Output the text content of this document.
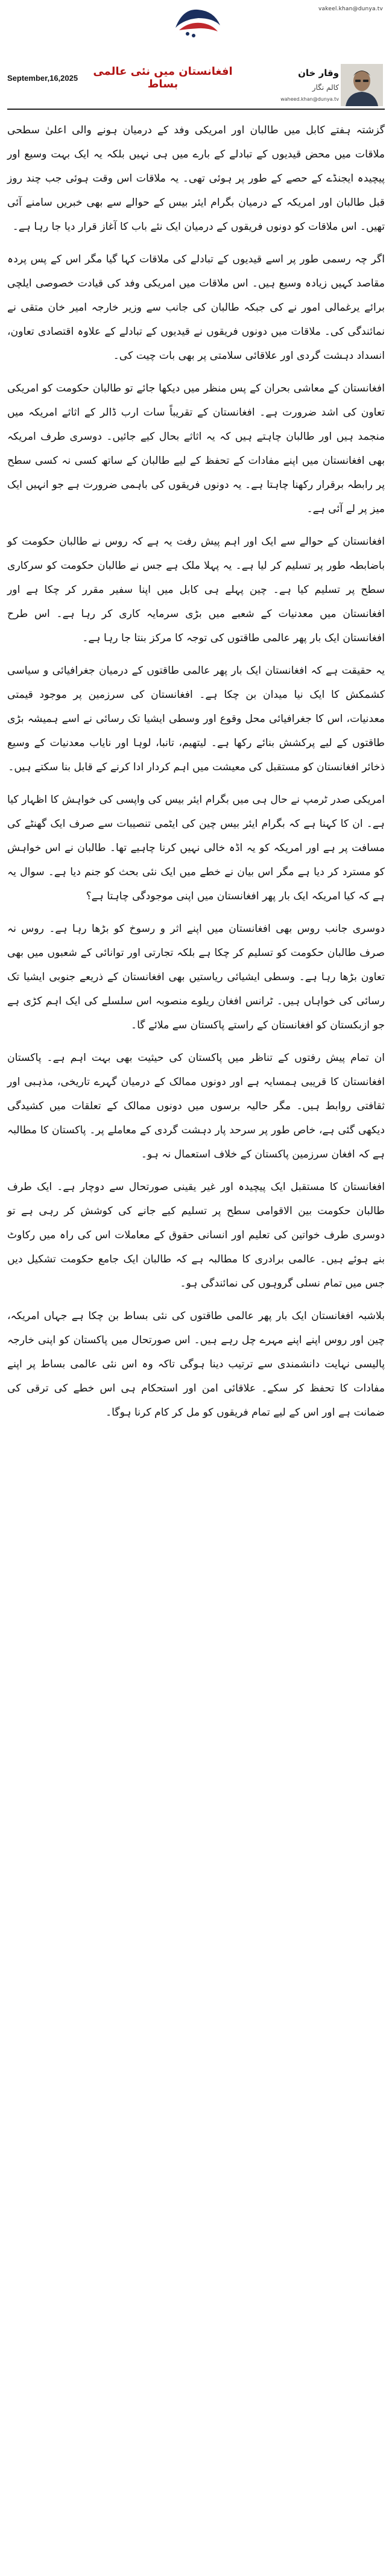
vakeel.khan@dunya.tv
وقار خان
کالم نگار
waheed.khan@dunya.tv
September,16,2025
افغانستان میں نئی عالمی بساط

گزشتہ ہفتے کابل میں طالبان اور امریکی وفد کے درمیان ہونے والی اعلیٰ سطحی ملاقات میں محض قیدیوں کے تبادلے کے بارے میں ہی نہیں بلکہ یہ ایک بہت وسیع اور پیچیدہ ایجنڈے کے حصے کے طور پر ہوئی تھی۔ یہ ملاقات اس وقت ہوئی جب چند روز قبل طالبان اور امریکہ کے درمیان بگرام ایئر بیس کے حوالے سے بھی خبریں سامنے آئی تھیں۔ اس ملاقات کو دونوں فریقوں کے درمیان ایک نئے باب کا آغاز قرار دیا جا رہا ہے۔

اگر چہ رسمی طور پر اسے قیدیوں کے تبادلے کی ملاقات کہا گیا مگر اس کے پس پردہ مقاصد کہیں زیادہ وسیع ہیں۔ اس ملاقات میں امریکی وفد کی قیادت خصوصی ایلچی برائے یرغمالی امور نے کی جبکہ طالبان کی جانب سے وزیر خارجہ امیر خان متقی نے نمائندگی کی۔ ملاقات میں دونوں فریقوں نے قیدیوں کے تبادلے کے علاوہ اقتصادی تعاون، انسداد دہشت گردی اور علاقائی سلامتی پر بھی بات چیت کی۔

افغانستان کے معاشی بحران کے پس منظر میں دیکھا جائے تو طالبان حکومت کو امریکی تعاون کی اشد ضرورت ہے۔ افغانستان کے تقریباً سات ارب ڈالر کے اثاثے امریکہ میں منجمد ہیں اور طالبان چاہتے ہیں کہ یہ اثاثے بحال کیے جائیں۔ دوسری طرف امریکہ بھی افغانستان میں اپنے مفادات کے تحفظ کے لیے طالبان کے ساتھ کسی نہ کسی سطح پر رابطہ برقرار رکھنا چاہتا ہے۔ یہ دونوں فریقوں کی باہمی ضرورت ہے جو انہیں ایک میز پر لے آئی ہے۔

افغانستان کے حوالے سے ایک اور اہم پیش رفت یہ ہے کہ روس نے طالبان حکومت کو باضابطہ طور پر تسلیم کر لیا ہے۔ یہ پہلا ملک ہے جس نے طالبان حکومت کو سرکاری سطح پر تسلیم کیا ہے۔ چین پہلے ہی کابل میں اپنا سفیر مقرر کر چکا ہے اور افغانستان میں معدنیات کے شعبے میں بڑی سرمایہ کاری کر رہا ہے۔ اس طرح افغانستان ایک بار پھر عالمی طاقتوں کی توجہ کا مرکز بنتا جا رہا ہے۔

یہ حقیقت ہے کہ افغانستان ایک بار پھر عالمی طاقتوں کے درمیان جغرافیائی و سیاسی کشمکش کا ایک نیا میدان بن چکا ہے۔ افغانستان کی سرزمین پر موجود قیمتی معدنیات، اس کا جغرافیائی محل وقوع اور وسطی ایشیا تک رسائی نے اسے ہمیشہ بڑی طاقتوں کے لیے پرکشش بنائے رکھا ہے۔ لیتھیم، تانبا، لوہا اور نایاب معدنیات کے وسیع ذخائر افغانستان کو مستقبل کی معیشت میں اہم کردار ادا کرنے کے قابل بنا سکتے ہیں۔

امریکی صدر ٹرمپ نے حال ہی میں بگرام ایئر بیس کی واپسی کی خواہش کا اظہار کیا ہے۔ ان کا کہنا ہے کہ بگرام ایئر بیس چین کی ایٹمی تنصیبات سے صرف ایک گھنٹے کی مسافت پر ہے اور امریکہ کو یہ اڈہ خالی نہیں کرنا چاہیے تھا۔ طالبان نے اس خواہش کو مسترد کر دیا ہے مگر اس بیان نے خطے میں ایک نئی بحث کو جنم دیا ہے۔ سوال یہ ہے کہ کیا امریکہ ایک بار پھر افغانستان میں اپنی موجودگی چاہتا ہے؟

دوسری جانب روس بھی افغانستان میں اپنے اثر و رسوخ کو بڑھا رہا ہے۔ روس نہ صرف طالبان حکومت کو تسلیم کر چکا ہے بلکہ تجارتی اور توانائی کے شعبوں میں بھی تعاون بڑھا رہا ہے۔ وسطی ایشیائی ریاستیں بھی افغانستان کے ذریعے جنوبی ایشیا تک رسائی کی خواہاں ہیں۔ ٹرانس افغان ریلوے منصوبہ اس سلسلے کی ایک اہم کڑی ہے جو ازبکستان کو افغانستان کے راستے پاکستان سے ملائے گا۔

ان تمام پیش رفتوں کے تناظر میں پاکستان کی حیثیت بھی بہت اہم ہے۔ پاکستان افغانستان کا قریبی ہمسایہ ہے اور دونوں ممالک کے درمیان گہرے تاریخی، مذہبی اور ثقافتی روابط ہیں۔ مگر حالیہ برسوں میں دونوں ممالک کے تعلقات میں کشیدگی دیکھی گئی ہے، خاص طور پر سرحد پار دہشت گردی کے معاملے پر۔ پاکستان کا مطالبہ ہے کہ افغان سرزمین پاکستان کے خلاف استعمال نہ ہو۔

افغانستان کا مستقبل ایک پیچیدہ اور غیر یقینی صورتحال سے دوچار ہے۔ ایک طرف طالبان حکومت بین الاقوامی سطح پر تسلیم کیے جانے کی کوشش کر رہی ہے تو دوسری طرف خواتین کی تعلیم اور انسانی حقوق کے معاملات اس کی راہ میں رکاوٹ بنے ہوئے ہیں۔ عالمی برادری کا مطالبہ ہے کہ طالبان ایک جامع حکومت تشکیل دیں جس میں تمام نسلی گروہوں کی نمائندگی ہو۔

بلاشبہ افغانستان ایک بار پھر عالمی طاقتوں کی نئی بساط بن چکا ہے جہاں امریکہ، چین اور روس اپنے اپنے مہرے چل رہے ہیں۔ اس صورتحال میں پاکستان کو اپنی خارجہ پالیسی نہایت دانشمندی سے ترتیب دینا ہوگی تاکہ وہ اس نئی عالمی بساط پر اپنے مفادات کا تحفظ کر سکے۔ علاقائی امن اور استحکام ہی اس خطے کی ترقی کی ضمانت ہے اور اس کے لیے تمام فریقوں کو مل کر کام کرنا ہوگا۔
